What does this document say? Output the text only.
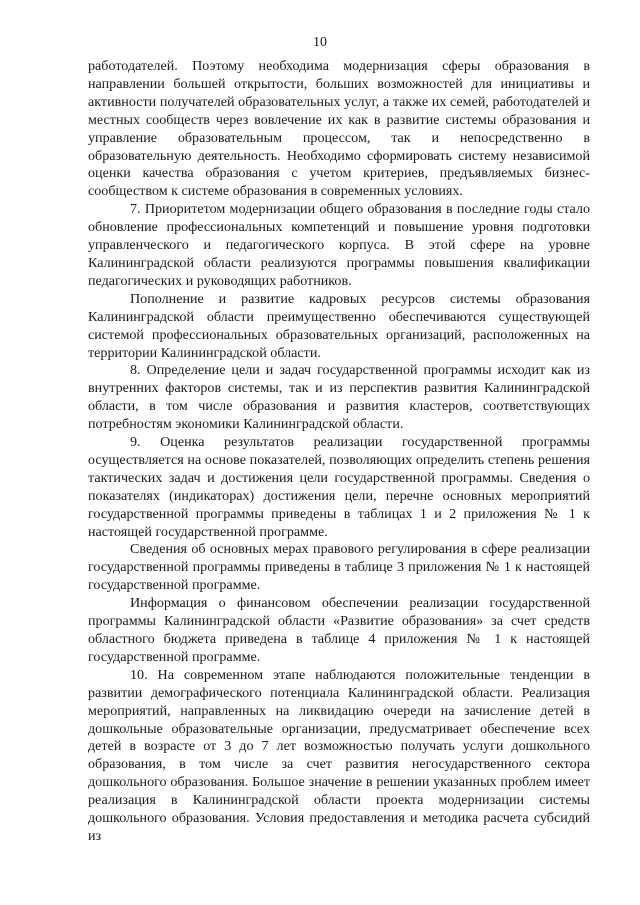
10

работодателей. Поэтому необходима модернизация сферы образования в направлении большей открытости, больших возможностей для инициативы и активности получателей образовательных услуг, а также их семей, работодателей и местных сообществ через вовлечение их как в развитие системы образования и управление образовательным процессом, так и непосредственно в образовательную деятельность. Необходимо сформировать систему независимой оценки качества образования с учетом критериев, предъявляемых бизнес-сообществом к системе образования в современных условиях.

7. Приоритетом модернизации общего образования в последние годы стало обновление профессиональных компетенций и повышение уровня подготовки управленческого и педагогического корпуса. В этой сфере на уровне Калининградской области реализуются программы повышения квалификации педагогических и руководящих работников.

Пополнение и развитие кадровых ресурсов системы образования Калининградской области преимущественно обеспечиваются существующей системой профессиональных образовательных организаций, расположенных на территории Калининградской области.

8. Определение цели и задач государственной программы исходит как из внутренних факторов системы, так и из перспектив развития Калининградской области, в том числе образования и развития кластеров, соответствующих потребностям экономики Калининградской области.

9. Оценка результатов реализации государственной программы осуществляется на основе показателей, позволяющих определить степень решения тактических задач и достижения цели государственной программы. Сведения о показателях (индикаторах) достижения цели, перечне основных мероприятий государственной программы приведены в таблицах 1 и 2 приложения № 1 к настоящей государственной программе.

Сведения об основных мерах правового регулирования в сфере реализации государственной программы приведены в таблице 3 приложения № 1 к настоящей государственной программе.

Информация о финансовом обеспечении реализации государственной программы Калининградской области «Развитие образования» за счет средств областного бюджета приведена в таблице 4 приложения № 1 к настоящей государственной программе.

10. На современном этапе наблюдаются положительные тенденции в развитии демографического потенциала Калининградской области. Реализация мероприятий, направленных на ликвидацию очереди на зачисление детей в дошкольные образовательные организации, предусматривает обеспечение всех детей в возрасте от 3 до 7 лет возможностью получать услуги дошкольного образования, в том числе за счет развития негосударственного сектора дошкольного образования. Большое значение в решении указанных проблем имеет реализация в Калининградской области проекта модернизации системы дошкольного образования. Условия предоставления и методика расчета субсидий из
